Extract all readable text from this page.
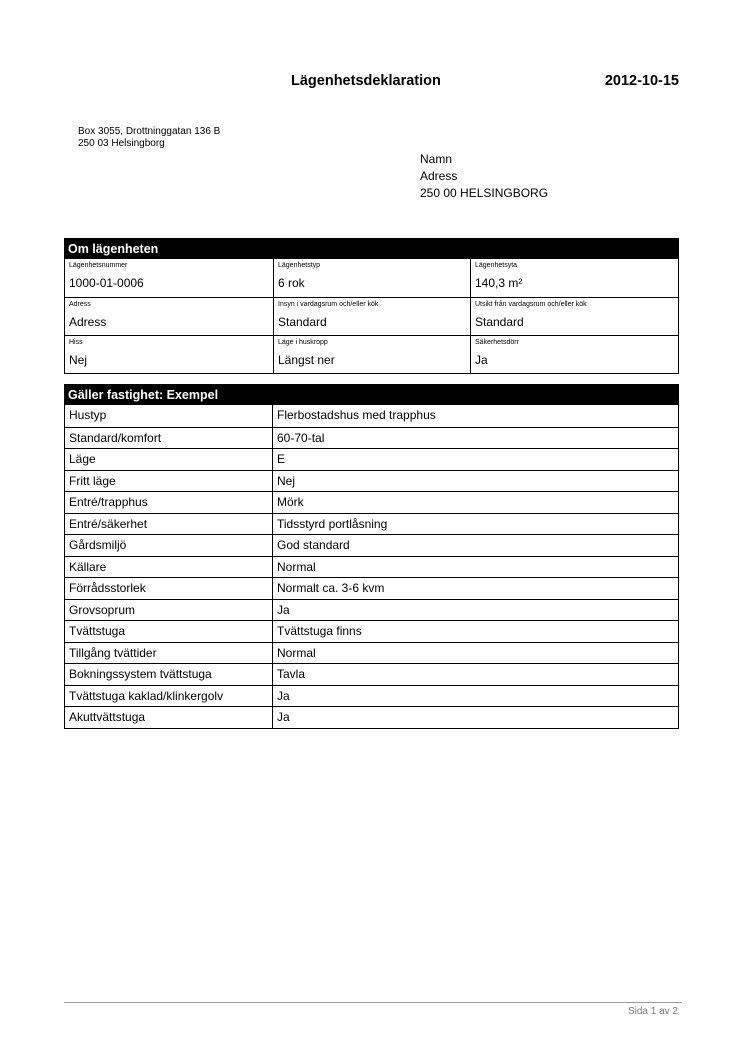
Lägenhetsdeklaration	2012-10-15
Box 3055, Drottninggatan 136 B
250 03 Helsingborg
Namn
Adress
250 00 HELSINGBORG
Om lägenheten
Lägenhetsnummer
1000-01-0006
Lägenhetstyp
6 rok
Lägenhetsyta
140,3 m²
Adress
Adress
Insyn i vardagsrum och/eller kök
Standard
Utsikt från vardagsrum och/eller kök
Standard
Hiss
Nej
Läge i huskropp
Längst ner
Säkerhetsdörr
Ja
Gäller fastighet: Exempel
Hustyp	Flerbostadshus med trapphus
Standard/komfort	60-70-tal
Läge	E
Fritt läge	Nej
Entré/trapphus	Mörk
Entré/säkerhet	Tidsstyrd portlåsning
Gårdsmiljö	God standard
Källare	Normal
Förrådsstorlek	Normalt ca. 3-6 kvm
Grovsoprum	Ja
Tvättstuga	Tvättstuga finns
Tillgång tvättider	Normal
Bokningssystem tvättstuga	Tavla
Tvättstuga kaklad/klinkergolv	Ja
Akuttvättstuga	Ja
Sida 1 av 2
